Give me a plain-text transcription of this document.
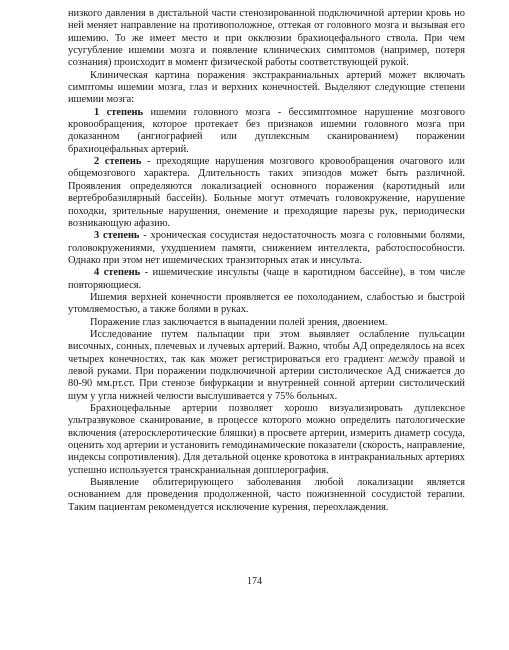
низкого давления в дистальной части стенозированной подключичной артерии кровь но ней меняет направление на противоположное, оттекая от головного мозга и вызывая его ишемию. То же имеет место и при окклюзии брахиоцефального ствола. При чем усугубление ишемии мозга и появление клинических симптомов (например, потеря сознания) происходит в момент физической работы соответствующей рукой.

Клиническая картина поражения экстракраниальных артерий может включать симптомы ишемии мозга, глаз и верхних конечностей. Выделяют следующие степени ишемии мозга:

1 степень ишемии головного мозга - бессимптомное нарушение мозгового кровообращения, которое протекает без признаков ишемии головного мозга при доказанном (ангиографией или дуплексным сканированием) поражении брахиоцефальных артерий.

2 степень - преходящие нарушения мозгового кровообращения очагового или общемозгового характера. Длительность таких эпизодов может быть различной. Проявления определяются локализацией основного поражения (каротидный или вертебробазилярный бассейн). Больные могут отмечать головокружение, нарушение походки, зрительные нарушения, онемение и преходящие парезы рук, периодически возникающую афазию.

3 степень - хроническая сосудистая недостаточность мозга с головными болями, головокружениями, ухудшением памяти, снижением интеллекта, работоспособности. Однако при этом нет ишемических транзиторных атак и инсульта.

4 степень - ишемические инсульты (чаще в каротидном бассейне), в том числе повторяющиеся.

Ишемия верхней конечности проявляется ее похолоданием, слабостью и быстрой утомляемостью, а также болями в руках.

Поражение глаз заключается в выпадении полей зрения, двоением.

Исследование путем пальпации при этом выявляет ослабление пульсации височных, сонных, плечевых и лучевых артерий. Важно, чтобы АД определялось на всех четырех конечностях, так как может регистрироваться его градиент между правой и левой руками. При поражении подключичной артерии систолическое АД снижается до 80-90 мм.рт.ст. При стенозе бифуркации и внутренней сонной артерии систолический шум у угла нижней челюсти выслушивается у 75% больных.

Брахиоцефальные артерии позволяет хорошо визуализировать дуплексное ультразвуковое сканирование, в процессе которого можно определить патологические включения (атеросклеротические бляшки) в просвете артерии, измерить диаметр сосуда, оценить ход артерии и установить гемодинамические показатели (скорость, направление, индексы сопротивления). Для детальной оценке кровотока в интракраниальных артериях успешно используется транскраниальная допплерография.

Выявление облитерирующего заболевания любой локализации является основанием для проведения продолженной, часто пожизненной сосудистой терапии. Таким пациентам рекомендуется исключение курения, переохлаждения.

174
